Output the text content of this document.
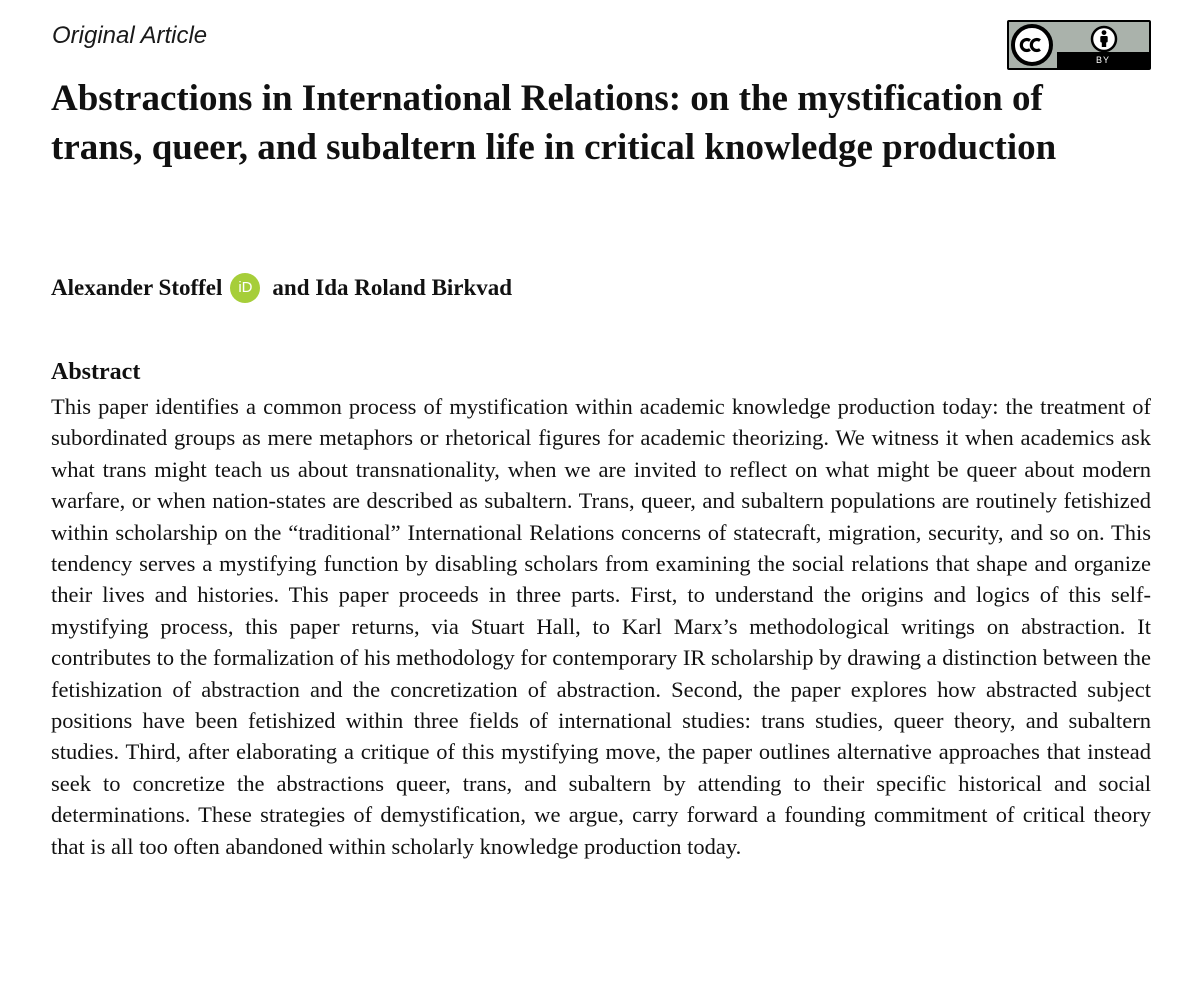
Original Article
BY
Abstractions in International Relations: on the mystification of trans, queer, and subaltern life in critical knowledge production
Alexander Stoffel	iD and Ida Roland Birkvad
Abstract

This paper identifies a common process of mystification within academic knowledge production today: the treatment of subordinated groups as mere metaphors or rhetorical figures for academic theorizing. We witness it when academics ask what trans might teach us about transnationality, when we are invited to reflect on what might be queer about modern warfare, or when nation-states are described as subaltern. Trans, queer, and subaltern populations are routinely fetishized within scholarship on the “traditional” International Relations concerns of statecraft, migration, security, and so on. This tendency serves a mystifying function by disabling scholars from examining the social relations that shape and organize their lives and histories. This paper proceeds in three parts. First, to understand the origins and logics of this self-mystifying process, this paper returns, via Stuart Hall, to Karl Marx’s methodological writings on abstraction. It contributes to the formalization of his methodology for contemporary IR scholarship by drawing a distinction between the fetishization of abstraction and the concretization of abstraction. Second, the paper explores how abstracted subject positions have been fetishized within three fields of international studies: trans studies, queer theory, and subaltern studies. Third, after elaborating a critique of this mystifying move, the paper outlines alternative approaches that instead seek to concretize the abstractions queer, trans, and subaltern by attending to their specific historical and social determinations. These strategies of demystification, we argue, carry forward a founding commitment of critical theory that is all too often abandoned within scholarly knowledge production today.
